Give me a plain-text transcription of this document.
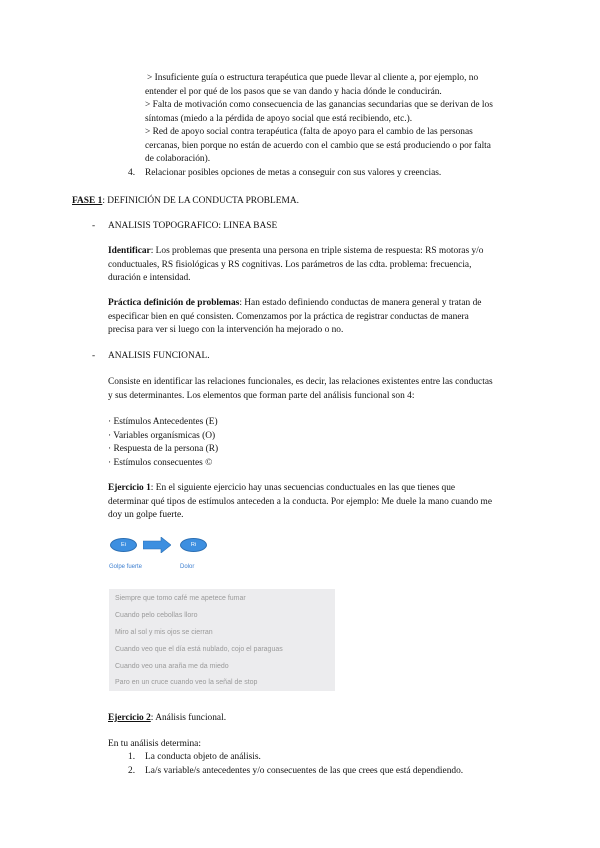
> Insuficiente guía o estructura terapéutica que puede llevar al cliente a, por ejemplo, no
entender el por qué de los pasos que se van dando y hacia dónde le conducirán.
> Falta de motivación como consecuencia de las ganancias secundarias que se derivan de los
síntomas (miedo a la pérdida de apoyo social que está recibiendo, etc.).
> Red de apoyo social contra terapéutica (falta de apoyo para el cambio de las personas
cercanas, bien porque no están de acuerdo con el cambio que se está produciendo o por falta
de colaboración).
4. Relacionar posibles opciones de metas a conseguir con sus valores y creencias.
FASE 1: DEFINICIÓN DE LA CONDUCTA PROBLEMA.
- ANALISIS TOPOGRAFICO: LINEA BASE
Identificar: Los problemas que presenta una persona en triple sistema de respuesta: RS motoras y/o
conductuales, RS fisiológicas y RS cognitivas. Los parámetros de las cdta. problema: frecuencia,
duración e intensidad.
Práctica definición de problemas: Han estado definiendo conductas de manera general y tratan de
especificar bien en qué consisten. Comenzamos por la práctica de registrar conductas de manera
precisa para ver si luego con la intervención ha mejorado o no.
- ANALISIS FUNCIONAL.
Consiste en identificar las relaciones funcionales, es decir, las relaciones existentes entre las conductas
y sus determinantes. Los elementos que forman parte del análisis funcional son 4:
· Estímulos Antecedentes (E)
· Variables organísmicas (O)
· Respuesta de la persona (R)
· Estímulos consecuentes ©
Ejercicio 1: En el siguiente ejercicio hay unas secuencias conductuales en las que tienes que
determinar qué tipos de estímulos anteceden a la conducta. Por ejemplo: Me duele la mano cuando me
doy un golpe fuerte.
Ei	Ri
Golpe fuerte	Dolor
Siempre que tomo café me apetece fumar
Cuando pelo cebollas lloro
Miro al sol y mis ojos se cierran
Cuando veo que el día está nublado, cojo el paraguas
Cuando veo una araña me da miedo
Paro en un cruce cuando veo la señal de stop
Ejercicio 2: Análisis funcional.
En tu análisis determina:
1. La conducta objeto de análisis.
2. La/s variable/s antecedentes y/o consecuentes de las que crees que está dependiendo.
